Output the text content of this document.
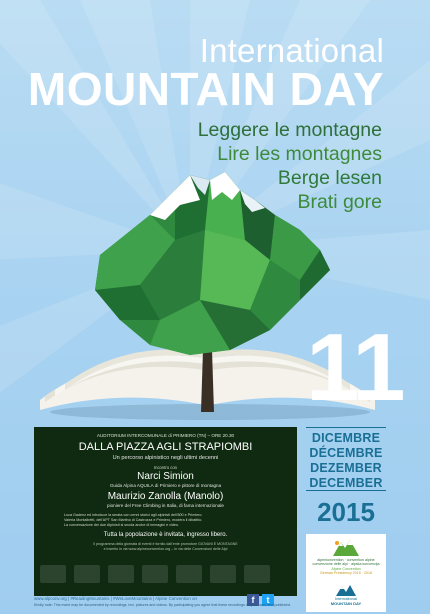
International
MOUNTAIN DAY
Leggere le montagne
Lire les montagnes
Berge lesen
Brati gore
11
DICEMBRE
DÉCEMBRE
DEZEMBER
DECEMBER
2015
AUDITORIUM INTERCOMUNALE di PRIMIERO (TN) – ORE 20.30
DALLA PIAZZA AGLI STRAPIOMBI
Un percorso alpinistico negli ultimi decenni
Incontro con
Narci Simion
Guida Alpina AQUILA di Primiero e pittore di montagna
Maurizio Zanolla (Manolo)
pioniere del Free Climbing in Italia, di fama internazionale
Luca Gadenz ed introduce la serata con cenni storici agli alpinisti dell'800 e Primiero.
Valeria Montalbetti, dell'APT San Martino di Castrozza e Primiero, modera il dibattito.
La conversazione dei due Alpinisti si snoda anche di immagini e video.
Tutta la popolazione è invitata, ingresso libero.
Il programma della giornata di eventi è fornito dall'ente promotore GIOVANI E MONTAGNE
e inserito in via www.alpineconvention.org – in via delle Convenzioni delle Alpi
www.alpconv.org | #ReadingMountains | #WeLoveMountains | Alpine Convention on	f	t
Kindly note: This event may be documented by recordings, incl. pictures and videos. By participating you agree that these recordings may be used and published.
alpenkonvention · convention alpine
convenzione delle alpi · alpska konvencija
Alpine Convention
German Presidency 2015 · 2016
International
MOUNTAIN DAY
